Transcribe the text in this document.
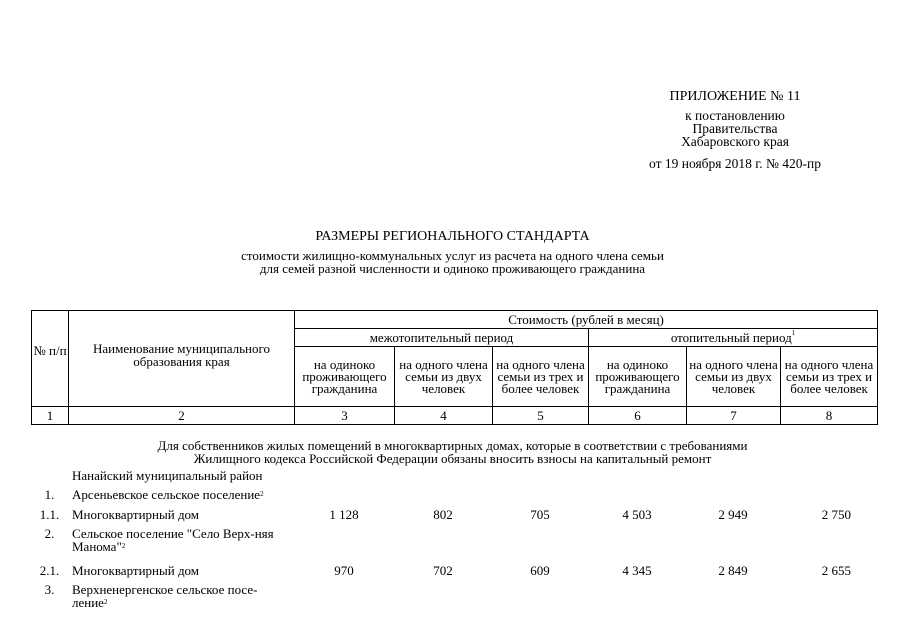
ПРИЛОЖЕНИЕ № 11
к постановлению
Правительства
Хабаровского края
от 19 ноября 2018 г. № 420-пр
РАЗМЕРЫ РЕГИОНАЛЬНОГО СТАНДАРТА
стоимости жилищно-коммунальных услуг из расчета на одного члена семьи
для семей разной численности и одиноко проживающего гражданина
№ п/п	Наименование муниципального образования края	Стоимость (рублей в месяц)					
		межотопительный период			отопительный период$^1$
		на одиноко проживающего гражданина	на одного члена семьи из двух человек	на одного члена семьи из трех и более человек	на одиноко проживающего гражданина	на одного члена семьи из двух человек	на одного члена семьи из трех и более человек
1	2	3	4	5	6	7	8
Для собственников жилых помещений в многоквартирных домах, которые в соответствии с требованиями
Жилищного кодекса Российской Федерации обязаны вносить взносы на капитальный ремонт
	Нанайский муниципальный район						
1.	Арсеньевское сельское поселение$^2$						
1.1.	Многоквартирный дом	1 128	802	705	4 503	2 949	2 750
2.	Сельское поселение "Село Верх-няя Манома"$^2$						
2.1.	Многоквартирный дом	970	702	609	4 345	2 849	2 655
3.	Верхненергенское сельское посе-ление$^2$						
